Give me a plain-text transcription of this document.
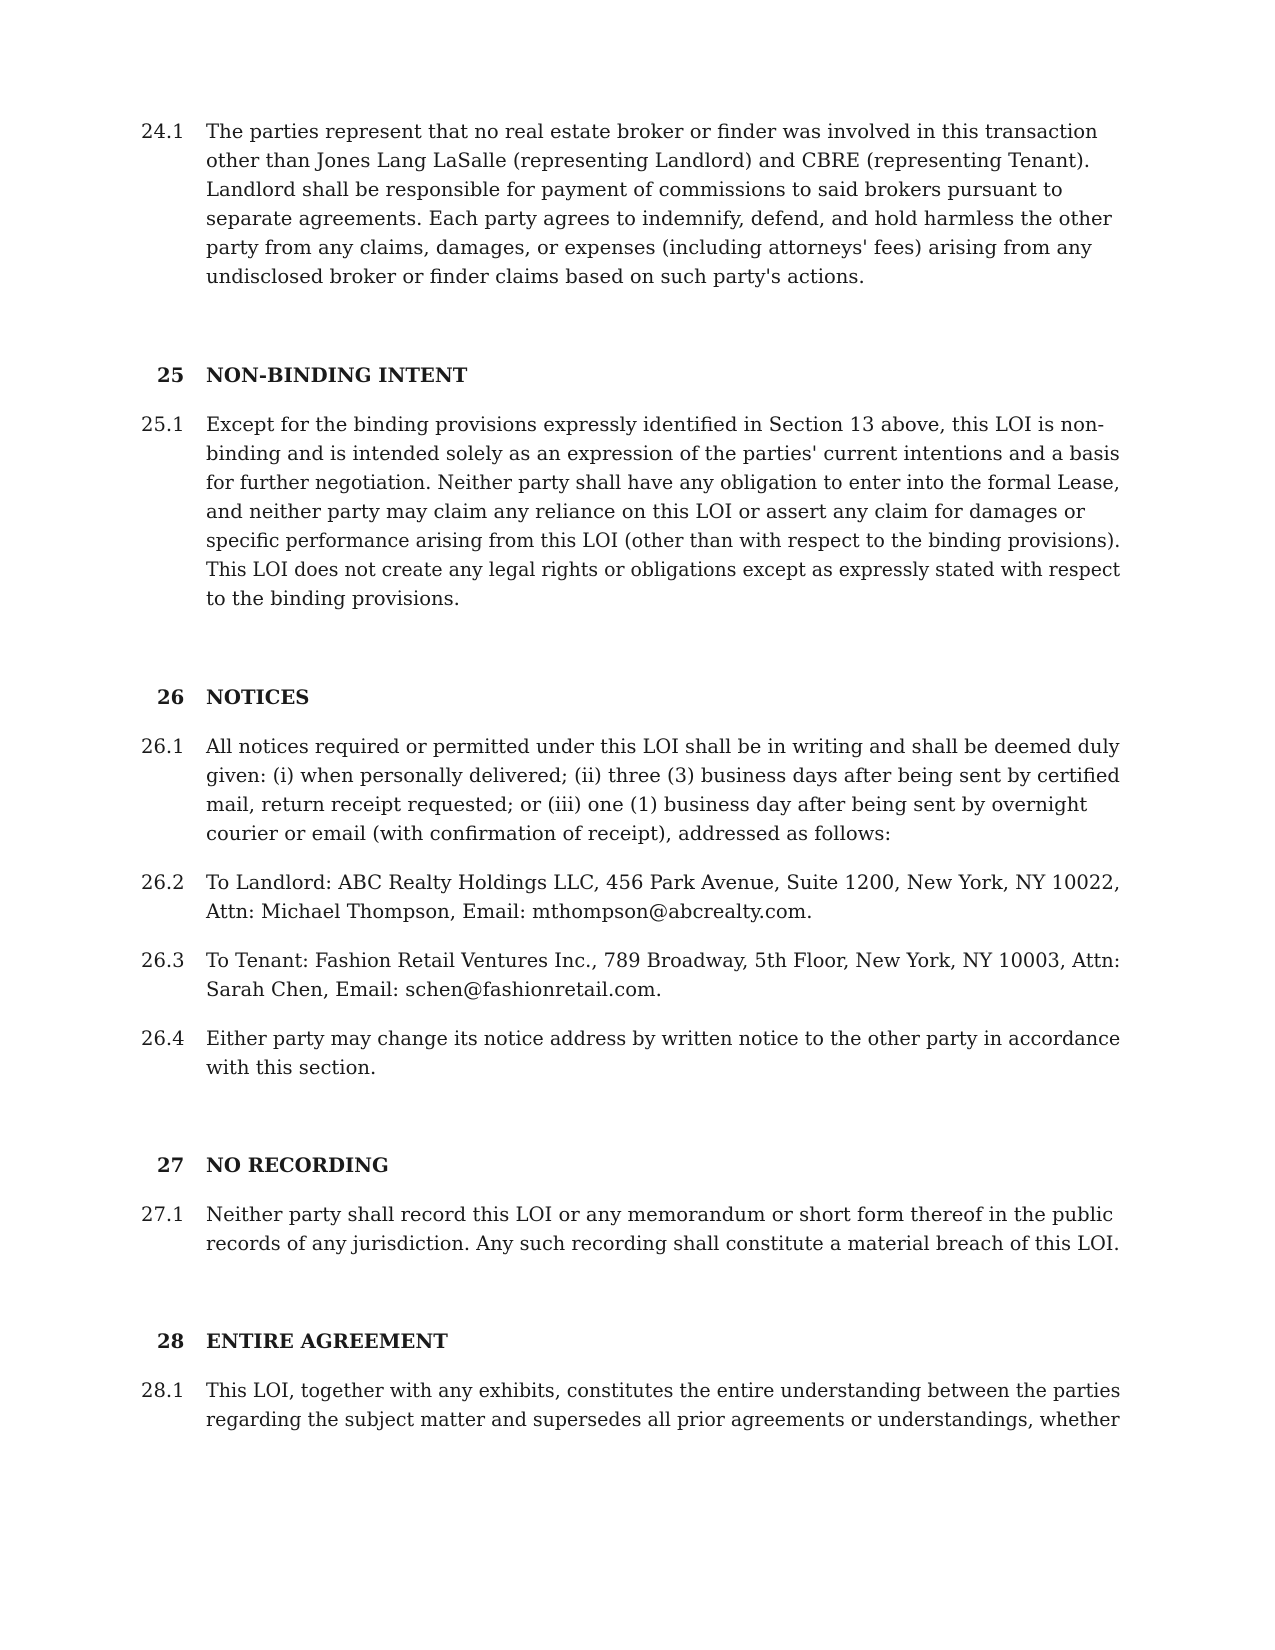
24.1 The parties represent that no real estate broker or finder was involved in this transaction
other than Jones Lang LaSalle (representing Landlord) and CBRE (representing Tenant).
Landlord shall be responsible for payment of commissions to said brokers pursuant to
separate agreements. Each party agrees to indemnify, defend, and hold harmless the other
party from any claims, damages, or expenses (including attorneys' fees) arising from any
undisclosed broker or finder claims based on such party's actions.
25 NON-BINDING INTENT
25.1 Except for the binding provisions expressly identified in Section 13 above, this LOI is non-
binding and is intended solely as an expression of the parties' current intentions and a basis
for further negotiation. Neither party shall have any obligation to enter into the formal Lease,
and neither party may claim any reliance on this LOI or assert any claim for damages or
specific performance arising from this LOI (other than with respect to the binding provisions).
This LOI does not create any legal rights or obligations except as expressly stated with respect
to the binding provisions.
26 NOTICES
26.1 All notices required or permitted under this LOI shall be in writing and shall be deemed duly
given: (i) when personally delivered; (ii) three (3) business days after being sent by certified
mail, return receipt requested; or (iii) one (1) business day after being sent by overnight
courier or email (with confirmation of receipt), addressed as follows:
26.2 To Landlord: ABC Realty Holdings LLC, 456 Park Avenue, Suite 1200, New York, NY 10022,
Attn: Michael Thompson, Email: mthompson@abcrealty.com.
26.3 To Tenant: Fashion Retail Ventures Inc., 789 Broadway, 5th Floor, New York, NY 10003, Attn:
Sarah Chen, Email: schen@fashionretail.com.
26.4 Either party may change its notice address by written notice to the other party in accordance
with this section.
27 NO RECORDING
27.1 Neither party shall record this LOI or any memorandum or short form thereof in the public
records of any jurisdiction. Any such recording shall constitute a material breach of this LOI.
28 ENTIRE AGREEMENT
28.1 This LOI, together with any exhibits, constitutes the entire understanding between the parties
regarding the subject matter and supersedes all prior agreements or understandings, whether
